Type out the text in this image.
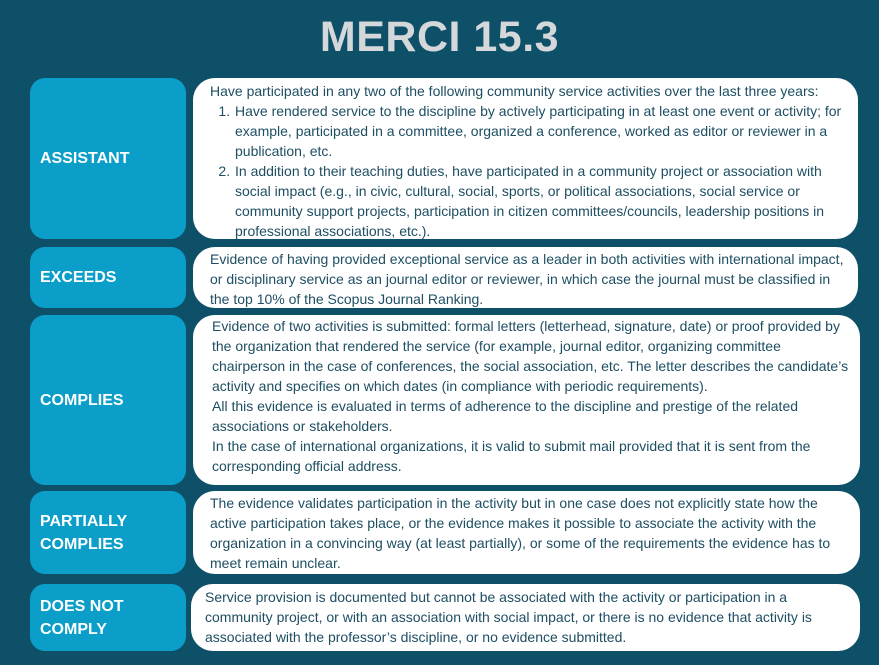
MERCI 15.3
ASSISTANT

Have participated in any two of the following community service activities over the last three years:

1. Have rendered service to the discipline by actively participating in at least one event or activity; for example, participated in a committee, organized a conference, worked as editor or reviewer in a publication, etc.
2. In addition to their teaching duties, have participated in a community project or association with social impact (e.g., in civic, cultural, social, sports, or political associations, social service or community support projects, participation in citizen committees/councils, leadership positions in professional associations, etc.).
EXCEEDS

Evidence of having provided exceptional service as a leader in both activities with international impact, or disciplinary service as an journal editor or reviewer, in which case the journal must be classified in the top 10% of the Scopus Journal Ranking.

COMPLIES

Evidence of two activities is submitted: formal letters (letterhead, signature, date) or proof provided by the organization that rendered the service (for example, journal editor, organizing committee chairperson in the case of conferences, the social association, etc. The letter describes the candidate’s activity and specifies on which dates (in compliance with periodic requirements).

All this evidence is evaluated in terms of adherence to the discipline and prestige of the related associations or stakeholders.

In the case of international organizations, it is valid to submit mail provided that it is sent from the corresponding official address.

PARTIALLY
COMPLIES

The evidence validates participation in the activity but in one case does not explicitly state how the active participation takes place, or the evidence makes it possible to associate the activity with the organization in a convincing way (at least partially), or some of the requirements the evidence has to meet remain unclear.

DOES NOT
COMPLY

Service provision is documented but cannot be associated with the activity or participation in a community project, or with an association with social impact, or there is no evidence that activity is associated with the professor’s discipline, or no evidence submitted.
